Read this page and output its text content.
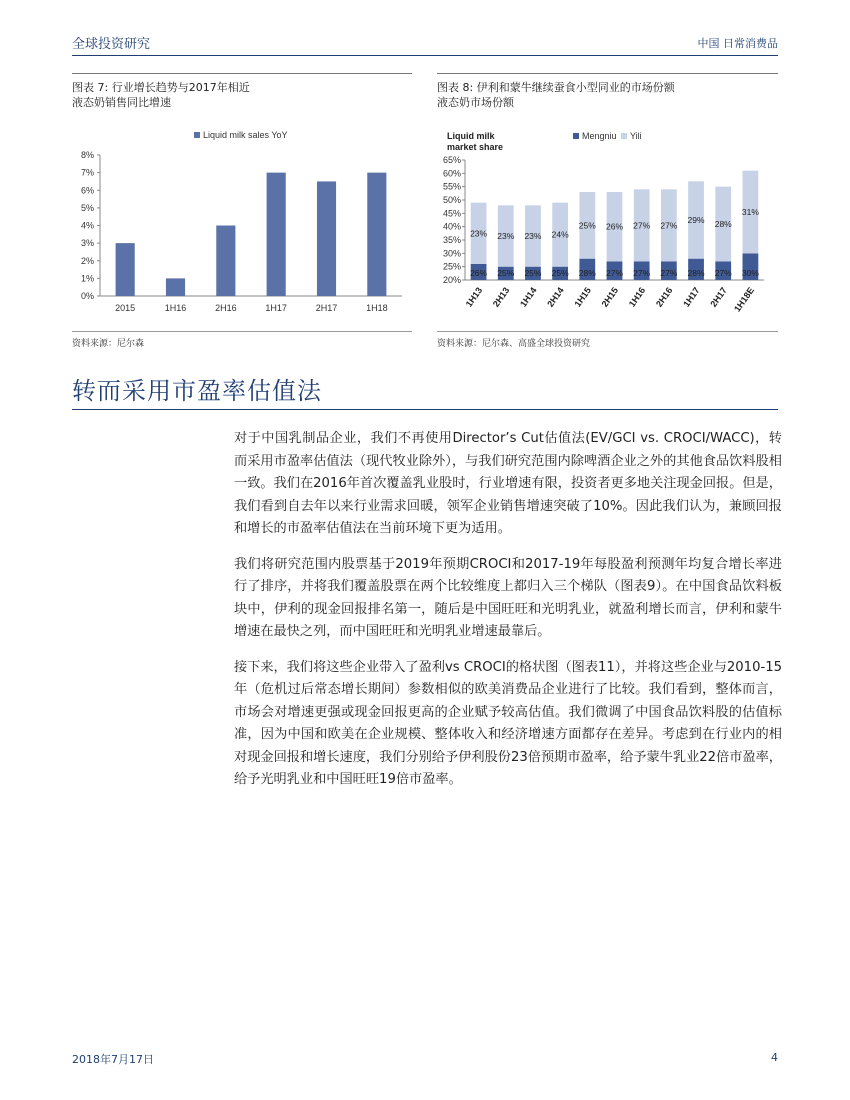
全球投资研究	中国 日常消费品
图表 7: 行业增长趋势与2017年相近
液态奶销售同比增速
0%
1%
2%
3%
4%
5%
6%
7%
8%
2015	1H16	2H16	1H17	2H17	1H18
Liquid milk sales YoY
资料来源：尼尔森
图表 8: 伊利和蒙牛继续蚕食小型同业的市场份额
液态奶市场份额
Liquid milk
market share
Mengniu Yili
20%
25%
30%
35%
40%
45%
50%
55%
60%
65%
26%
23%
1H13
25%
23%
2H13
25%
23%
1H14
25%
24%
2H14
28%
25%
1H15
27%
26%
2H15
27%
27%
1H16
27%
27%
2H16
28%
29%
1H17
27%
28%
2H17
30%
31%
1H18E
资料来源：尼尔森、高盛全球投资研究
转而采用市盈率估值法

对于中国乳制品企业，我们不再使用Director’s Cut估值法(EV/GCI vs. CROCI/WACC)，转而采用市盈率估值法（现代牧业除外），与我们研究范围内除啤酒企业之外的其他食品饮料股相一致。我们在2016年首次覆盖乳业股时，行业增速有限，投资者更多地关注现金回报。但是，我们看到自去年以来行业需求回暖，领军企业销售增速突破了10%。因此我们认为，兼顾回报和增长的市盈率估值法在当前环境下更为适用。

我们将研究范围内股票基于2019年预期CROCI和2017-19年每股盈利预测年均复合增长率进行了排序，并将我们覆盖股票在两个比较维度上都归入三个梯队（图表9）。在中国食品饮料板块中，伊利的现金回报排名第一，随后是中国旺旺和光明乳业，就盈利增长而言，伊利和蒙牛增速在最快之列，而中国旺旺和光明乳业增速最靠后。

接下来，我们将这些企业带入了盈利vs CROCI的格状图（图表11），并将这些企业与2010-15年（危机过后常态增长期间）参数相似的欧美消费品企业进行了比较。我们看到，整体而言，市场会对增速更强或现金回报更高的企业赋予较高估值。我们微调了中国食品饮料股的估值标准，因为中国和欧美在企业规模、整体收入和经济增速方面都存在差异。考虑到在行业内的相对现金回报和增长速度，我们分别给予伊利股份23倍预期市盈率，给予蒙牛乳业22倍市盈率，给予光明乳业和中国旺旺19倍市盈率。

2018年7月17日	4
